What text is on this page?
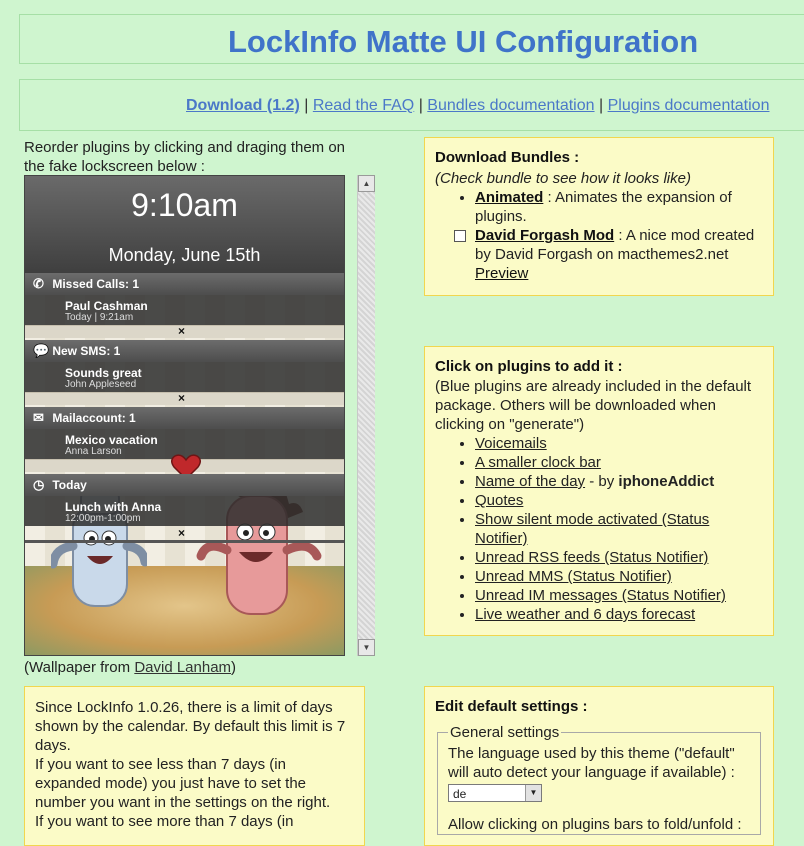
LockInfo Matte UI Configuration
Download (1.2) | Read the FAQ | Bundles documentation | Plugins documentation
Reorder plugins by clicking and draging them on the fake lockscreen below :
9:10am
Monday, June 15th
✆ Missed Calls: 1
Paul Cashman
Today | 9:21am
×
💬 New SMS: 1
Sounds great
John Appleseed
×
✉ Mailaccount: 1
Mexico vacation
Anna Larson
◷ Today
Lunch with Anna
12:00pm-1:00pm
×
▲
▼
(Wallpaper from David Lanham)
Download Bundles :
(Check bundle to see how it looks like)
• Animated : Animates the expansion of plugins.
David Forgash Mod : A nice mod created by David Forgash on macthemes2.net
Preview
Click on plugins to add it :
(Blue plugins are already included in the default package. Others will be downloaded when clicking on "generate")
• Voicemails
• A smaller clock bar
• Name of the day - by iphoneAddict
• Quotes
• Show silent mode activated (Status Notifier)
• Unread RSS feeds (Status Notifier)
• Unread MMS (Status Notifier)
• Unread IM messages (Status Notifier)
• Live weather and 6 days forecast
Since LockInfo 1.0.26, there is a limit of days shown by the calendar. By default this limit is 7 days.
If you want to see less than 7 days (in expanded mode) you just have to set the number you want in the settings on the right.
If you want to see more than 7 days (in
Edit default settings :
General settings
The language used by this theme ("default" will auto detect your language if available) :
de	▼
Allow clicking on plugins bars to fold/unfold :
